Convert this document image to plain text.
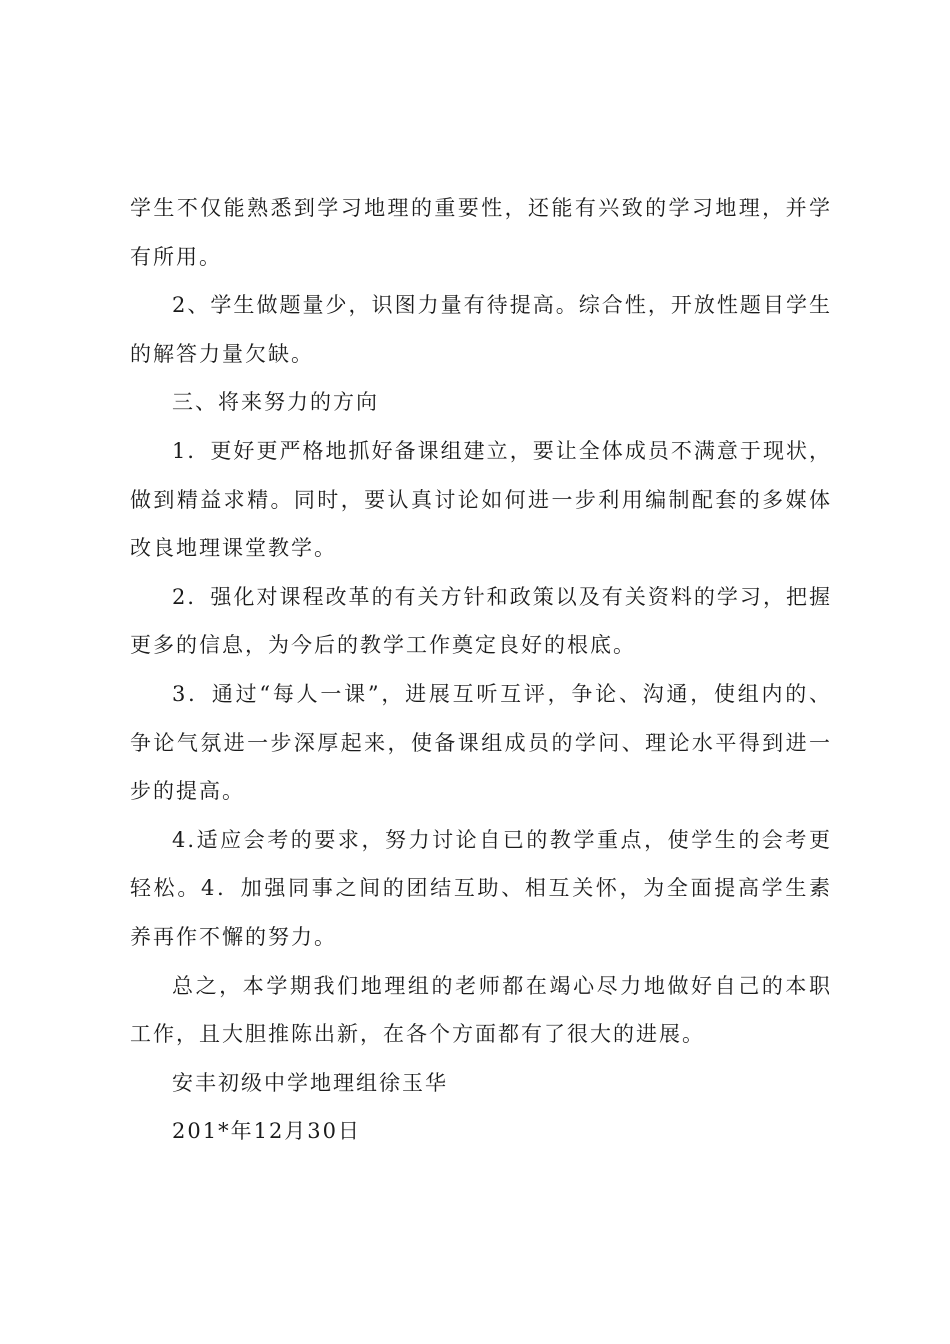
学生不仅能熟悉到学习地理的重要性，还能有兴致的学习地理，并学有所用。

2、学生做题量少，识图力量有待提高。综合性，开放性题目学生的解答力量欠缺。

三、将来努力的方向

1．更好更严格地抓好备课组建立，要让全体成员不满意于现状，做到精益求精。同时，要认真讨论如何进一步利用编制配套的多媒体改良地理课堂教学。

2．强化对课程改革的有关方针和政策以及有关资料的学习，把握更多的信息，为今后的教学工作奠定良好的根底。

3．通过“每人一课”，进展互听互评，争论、沟通，使组内的、争论气氛进一步深厚起来，使备课组成员的学问、理论水平得到进一步的提高。

4.适应会考的要求，努力讨论自已的教学重点，使学生的会考更轻松。4．加强同事之间的团结互助、相互关怀，为全面提高学生素养再作不懈的努力。

总之，本学期我们地理组的老师都在竭心尽力地做好自己的本职工作，且大胆推陈出新，在各个方面都有了很大的进展。

安丰初级中学地理组徐玉华

201*年12月30日
